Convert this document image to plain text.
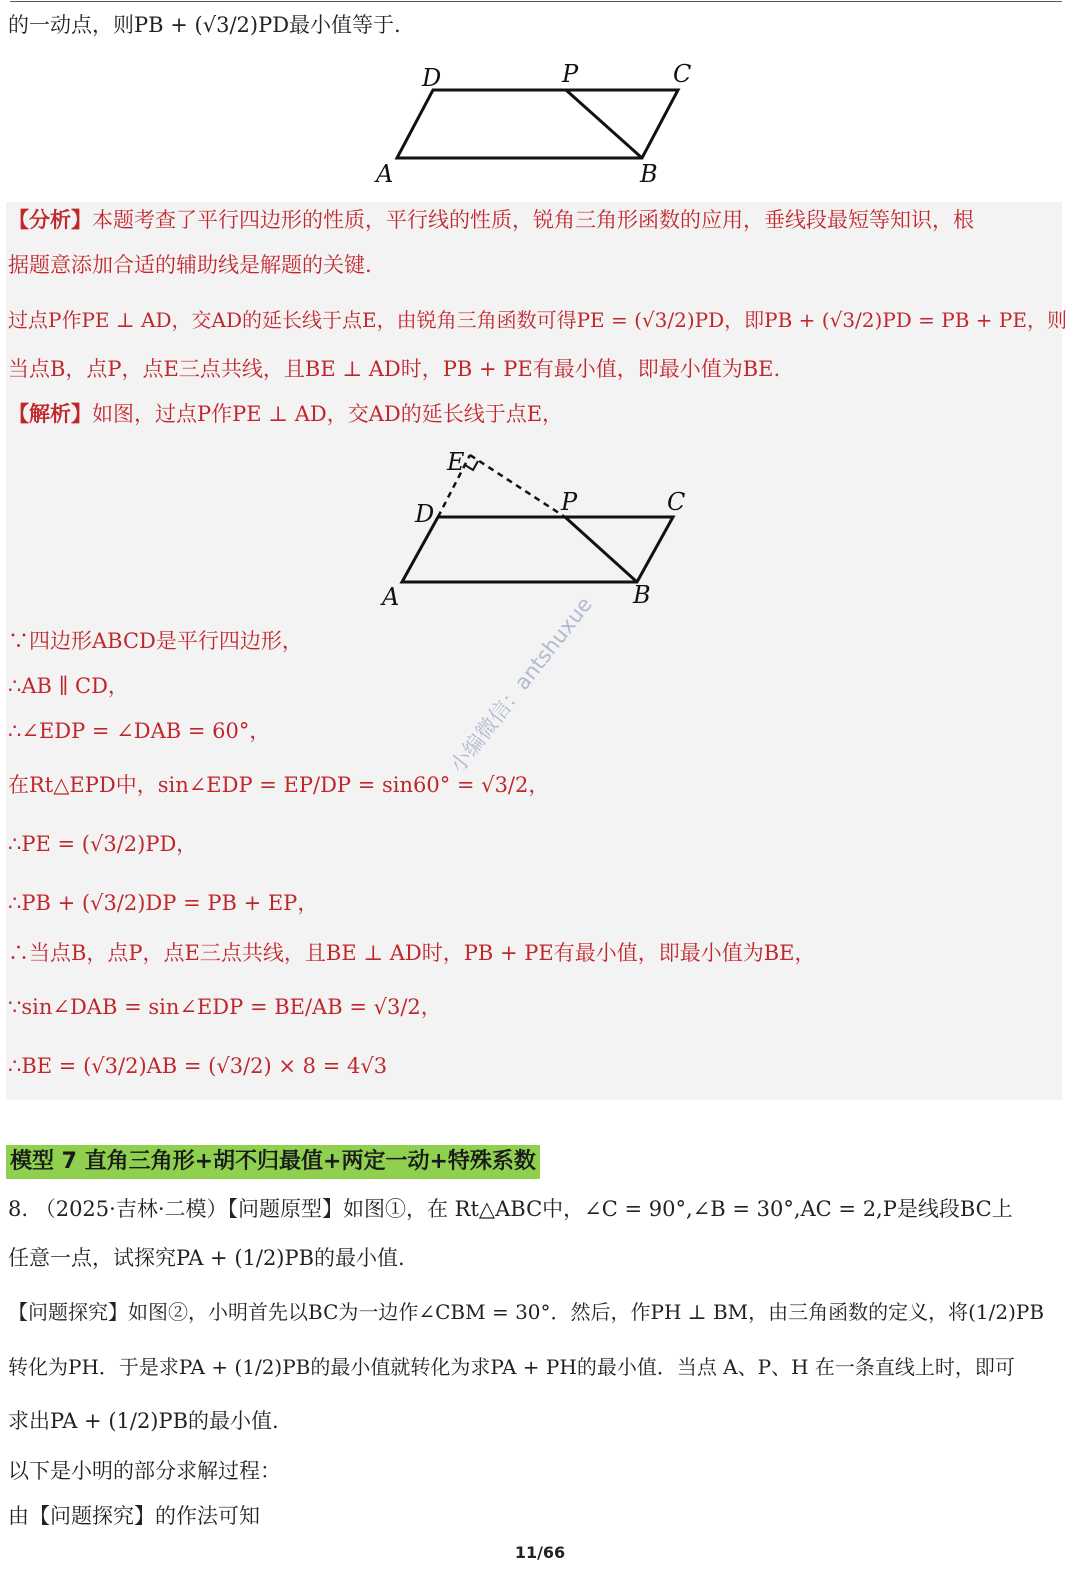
的一动点，则PB + (√3/2)PD最小值等于.
D	P	C
A	B
【分析】本题考查了平行四边形的性质，平行线的性质，锐角三角形函数的应用，垂线段最短等知识，根
据题意添加合适的辅助线是解题的关键.
过点P作PE ⊥ AD，交AD的延长线于点E，由锐角三角函数可得PE = (√3/2)PD，即PB + (√3/2)PD = PB + PE，则
当点B，点P，点E三点共线，且BE ⊥ AD时，PB + PE有最小值，即最小值为BE.
【解析】如图，过点P作PE ⊥ AD，交AD的延长线于点E，
E
D	P	C
A	B
∵四边形ABCD是平行四边形，
∴AB ∥ CD，
∴∠EDP = ∠DAB = 60°，
在Rt△EPD中，sin∠EDP = EP/DP = sin60° = √3/2，
∴PE = (√3/2)PD，
∴PB + (√3/2)DP = PB + EP，
∴当点B，点P，点E三点共线，且BE ⊥ AD时，PB + PE有最小值，即最小值为BE，
∵sin∠DAB = sin∠EDP = BE/AB = √3/2，
∴BE = (√3/2)AB = (√3/2) × 8 = 4√3
小编微信：antshuxue
模型 7 直角三角形+胡不归最值+两定一动+特殊系数
8. （2025·吉林·二模）【问题原型】如图①，在 Rt△ABC中，∠C = 90°,∠B = 30°,AC = 2,P是线段BC上
任意一点，试探究PA + (1/2)PB的最小值.
【问题探究】如图②，小明首先以BC为一边作∠CBM = 30°．然后，作PH ⊥ BM，由三角函数的定义，将(1/2)PB
转化为PH．于是求PA + (1/2)PB的最小值就转化为求PA + PH的最小值．当点 A、P、H 在一条直线上时，即可
求出PA + (1/2)PB的最小值.
以下是小明的部分求解过程：
由【问题探究】的作法可知
11/66
